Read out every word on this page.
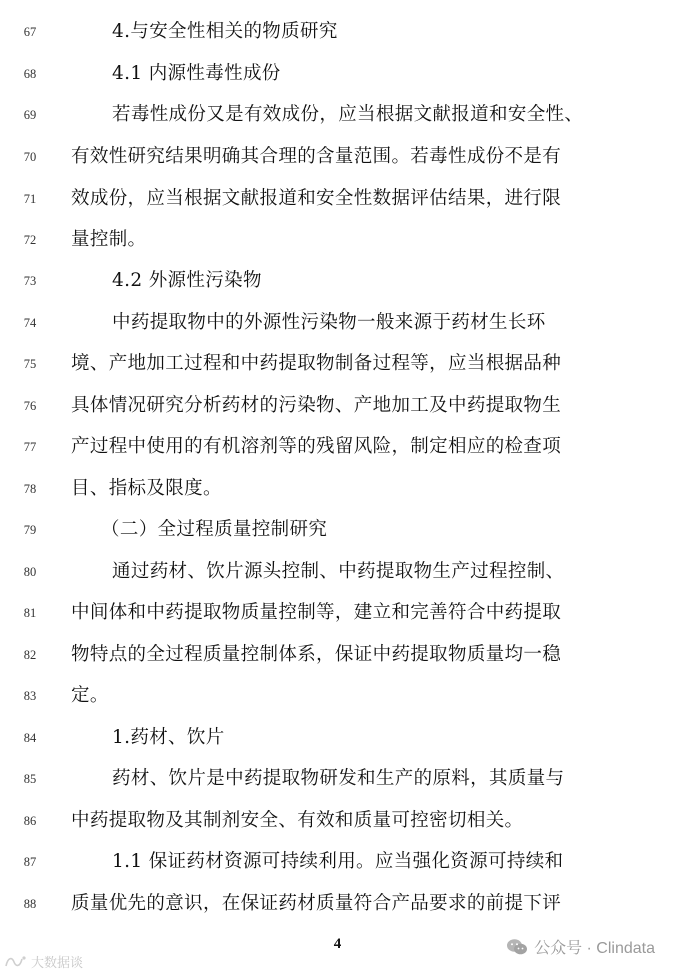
67	4.与安全性相关的物质研究
68	4.1 内源性毒性成份
69	若毒性成份又是有效成份，应当根据文献报道和安全性、
70	有效性研究结果明确其合理的含量范围。若毒性成份不是有
71	效成份，应当根据文献报道和安全性数据评估结果，进行限
72	量控制。
73	4.2 外源性污染物
74	中药提取物中的外源性污染物一般来源于药材生长环
75	境、产地加工过程和中药提取物制备过程等，应当根据品种
76	具体情况研究分析药材的污染物、产地加工及中药提取物生
77	产过程中使用的有机溶剂等的残留风险，制定相应的检查项
78	目、指标及限度。
79	（二）全过程质量控制研究
80	通过药材、饮片源头控制、中药提取物生产过程控制、
81	中间体和中药提取物质量控制等，建立和完善符合中药提取
82	物特点的全过程质量控制体系，保证中药提取物质量均一稳
83	定。
84	1.药材、饮片
85	药材、饮片是中药提取物研发和生产的原料，其质量与
86	中药提取物及其制剂安全、有效和质量可控密切相关。
87	1.1 保证药材资源可持续利用。应当强化资源可持续和
88	质量优先的意识，在保证药材质量符合产品要求的前提下评
4	公众号 · Clindata
大数据谈
